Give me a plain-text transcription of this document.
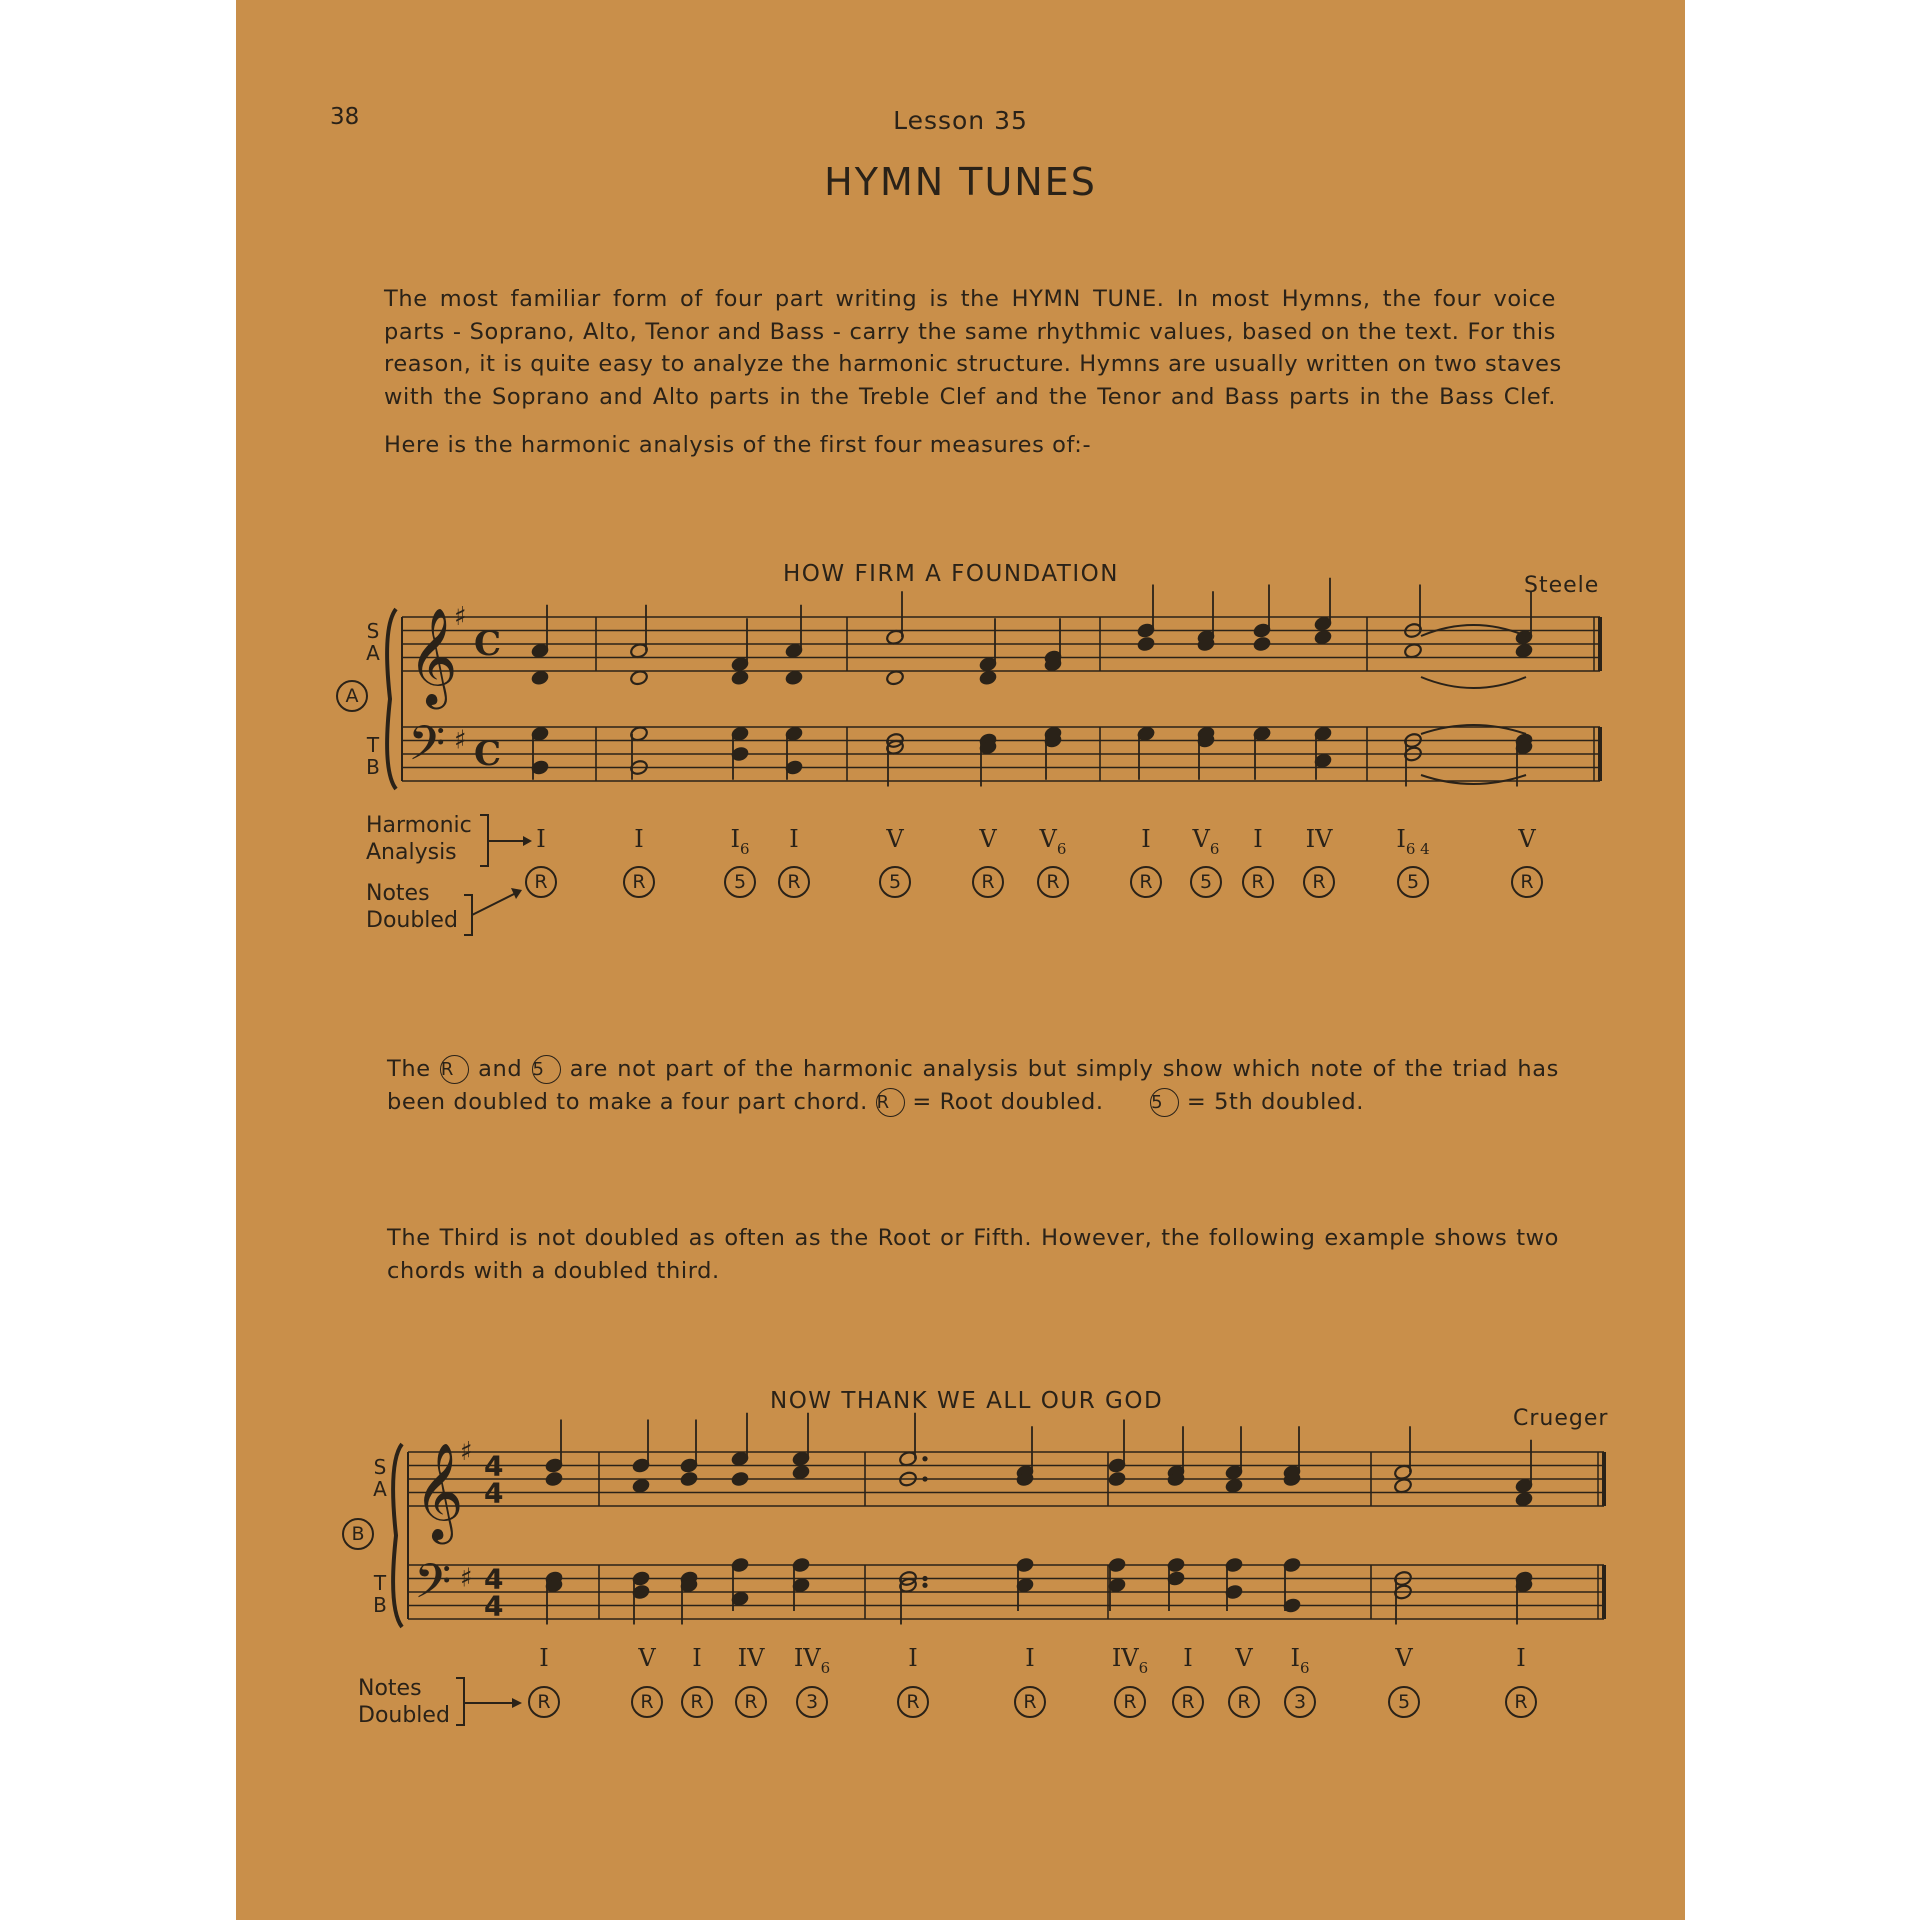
38	Lesson 35
HYMN TUNES
The most familiar form of four part writing is the HYMN TUNE. In most Hymns, the four voice
parts - Soprano, Alto, Tenor and Bass - carry the same rhythmic values, based on the text. For this
reason, it is quite easy to analyze the harmonic structure. Hymns are usually written on two staves
with the Soprano and Alto parts in the Treble Clef and the Tenor and Bass parts in the Bass Clef.
Here is the harmonic analysis of the first four measures of:-
HOW FIRM A FOUNDATION	Steele
S
A
T
B
A 𝄞
𝄢
♯
♯
C
C
Harmonic
Analysis
Notes
Doubled
I	I	$I_6$	I	V	V	$V_6$	I	$V_6$	I	IV	$I_{6 4}$	V
R	R	5	R	5	R	R	R	5	R	R	5	R
The R and 5 are not part of the harmonic analysis but simply show which note of the triad has
been doubled to make a four part chord. R = Root doubled.	5 = 5th doubled.
The Third is not doubled as often as the Root or Fifth. However, the following example shows two
chords with a doubled third.
NOW THANK WE ALL OUR GOD
Crueger
S
A
T
B
B 𝄞
𝄢
♯
♯
4
4
4
4
Notes
Doubled
I	V	I	IV	$IV_6$	I	I	$IV_6$	I	V	$I_6$	V	I
R	R	R	R	3	R	R	R	R	R	3	5	R
